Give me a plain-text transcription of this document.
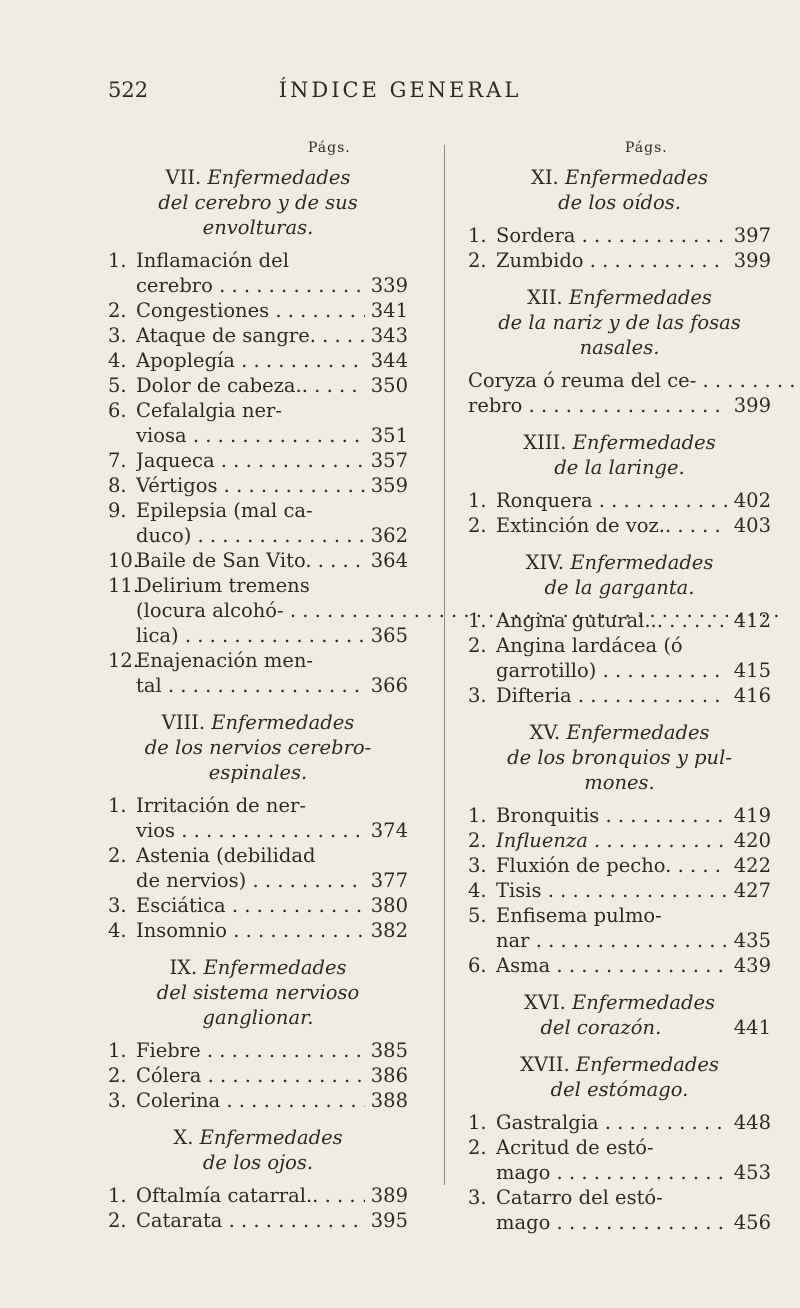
522	ÍNDICE GENERAL
Págs.	Págs.
VII. Enfermedades
del cerebro y de sus
envolturas.
1. Inflamación del
cerebro . . .	339
2. Congestiones . . .	341
3. Ataque de sangre. . . .	343
4. Apoplegía . . .	344
5. Dolor de cabeza.. . . .	350
6. Cefalalgia ner-
viosa . . .	351
7. Jaqueca . . .	357
8. Vértigos . . .	359
9. Epilepsia (mal ca-
duco) . . .	362
10.
Baile de San Vito. . . .	364
11.
Delirium tremens
(locura alcohó- . . .
lica) . . .	365
12.
Enajenación men-
tal . . .	366
VIII. Enfermedades
de los nervios cerebro-
espinales.
1. Irritación de ner-
vios . . .	374
2. Astenia (debilidad
de nervios) . . .	377
3. Esciática . . .	380
4. Insomnio . . .	382
IX. Enfermedades
del sistema nervioso
ganglionar.
1. Fiebre . . .	385
2. Cólera . . .	386
3. Colerina . . .	388
X. Enfermedades
de los ojos.
1. Oftalmía catarral.. . . .	389
2. Catarata . . .	395
XI. Enfermedades
de los oídos.
1. Sordera . . .	397
2. Zumbido . . .	399
XII. Enfermedades
de la nariz y de las fosas
nasales.
Coryza ó reuma del ce- . . .
rebro . . .	399
XIII. Enfermedades
de la laringe.
1. Ronquera . . .	402
2. Extinción de voz.. . . .	403
XIV. Enfermedades
de la garganta.
1. Angina gutural... . . .	412
2. Angina lardácea (ó
garrotillo) . . .	415
3. Difteria . . .	416
XV. Enfermedades
de los bronquios y pul-
mones.
1. Bronquitis . . .	419
2. Influenza . . .	420
3. Fluxión de pecho. . . .	422
4. Tisis . . .	427
5. Enfisema pulmo-
nar . . .	435
6. Asma . . .	439
XVI. Enfermedades
del corazón.	441
XVII. Enfermedades
del estómago.
1. Gastralgia . . .	448
2. Acritud de estó-
mago . . .	453
3. Catarro del estó-
mago . . .	456
